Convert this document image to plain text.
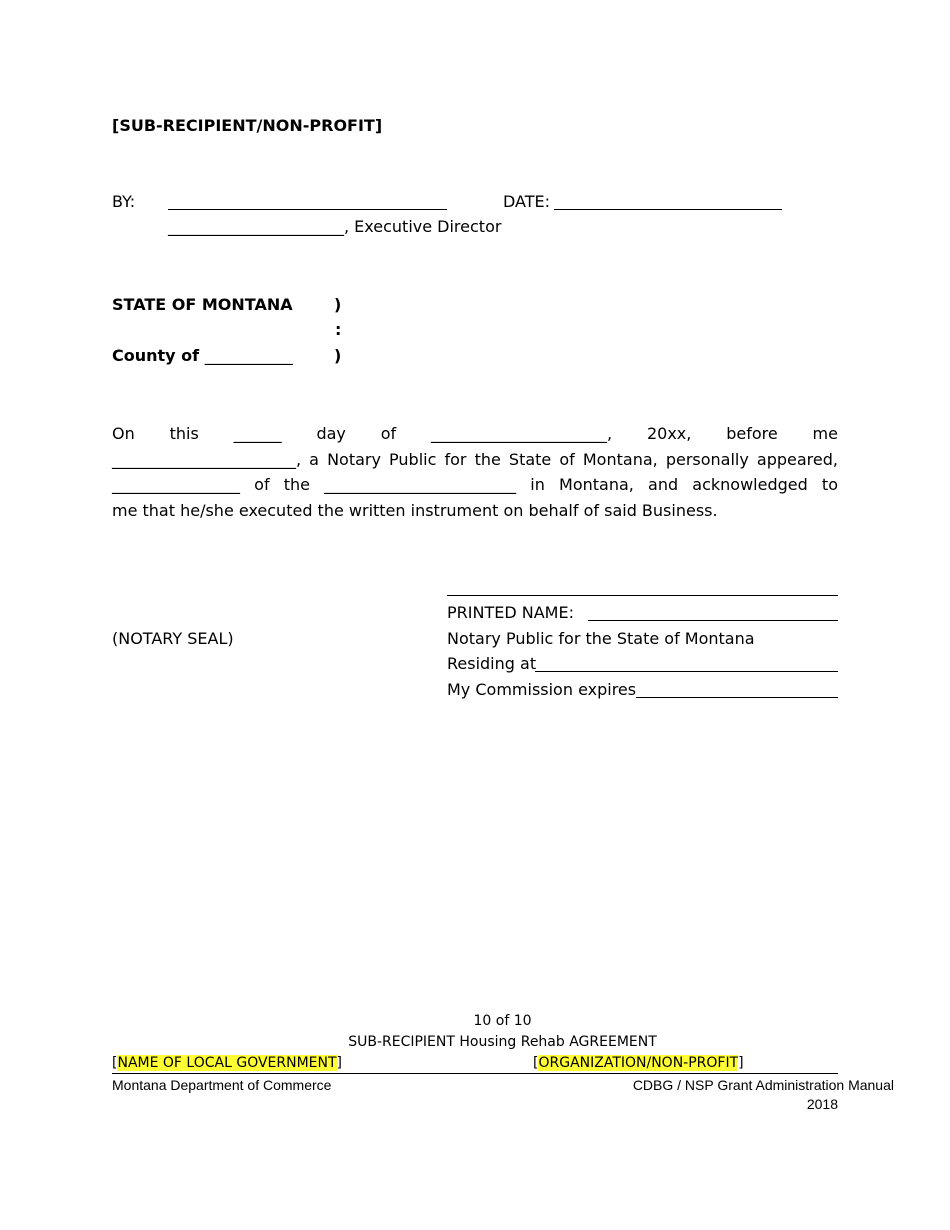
[SUB-RECIPIENT/NON-PROFIT]
BY:	DATE:
______________________, Executive Director
STATE OF MONTANA	)
:
County of ___________	)
On this ______ day of ______________________, 20xx, before me
_______________________, a Notary Public for the State of Montana, personally appeared,
________________ of the ________________________ in Montana, and acknowledged to
me that he/she executed the written instrument on behalf of said Business.
PRINTED NAME:
(NOTARY SEAL)	Notary Public for the State of Montana
Residing at
My Commission expires
10 of 10
SUB-RECIPIENT Housing Rehab AGREEMENT
[NAME OF LOCAL GOVERNMENT]	[ORGANIZATION/NON-PROFIT]
Montana Department of Commerce	CDBG / NSP Grant Administration Manual
2018
